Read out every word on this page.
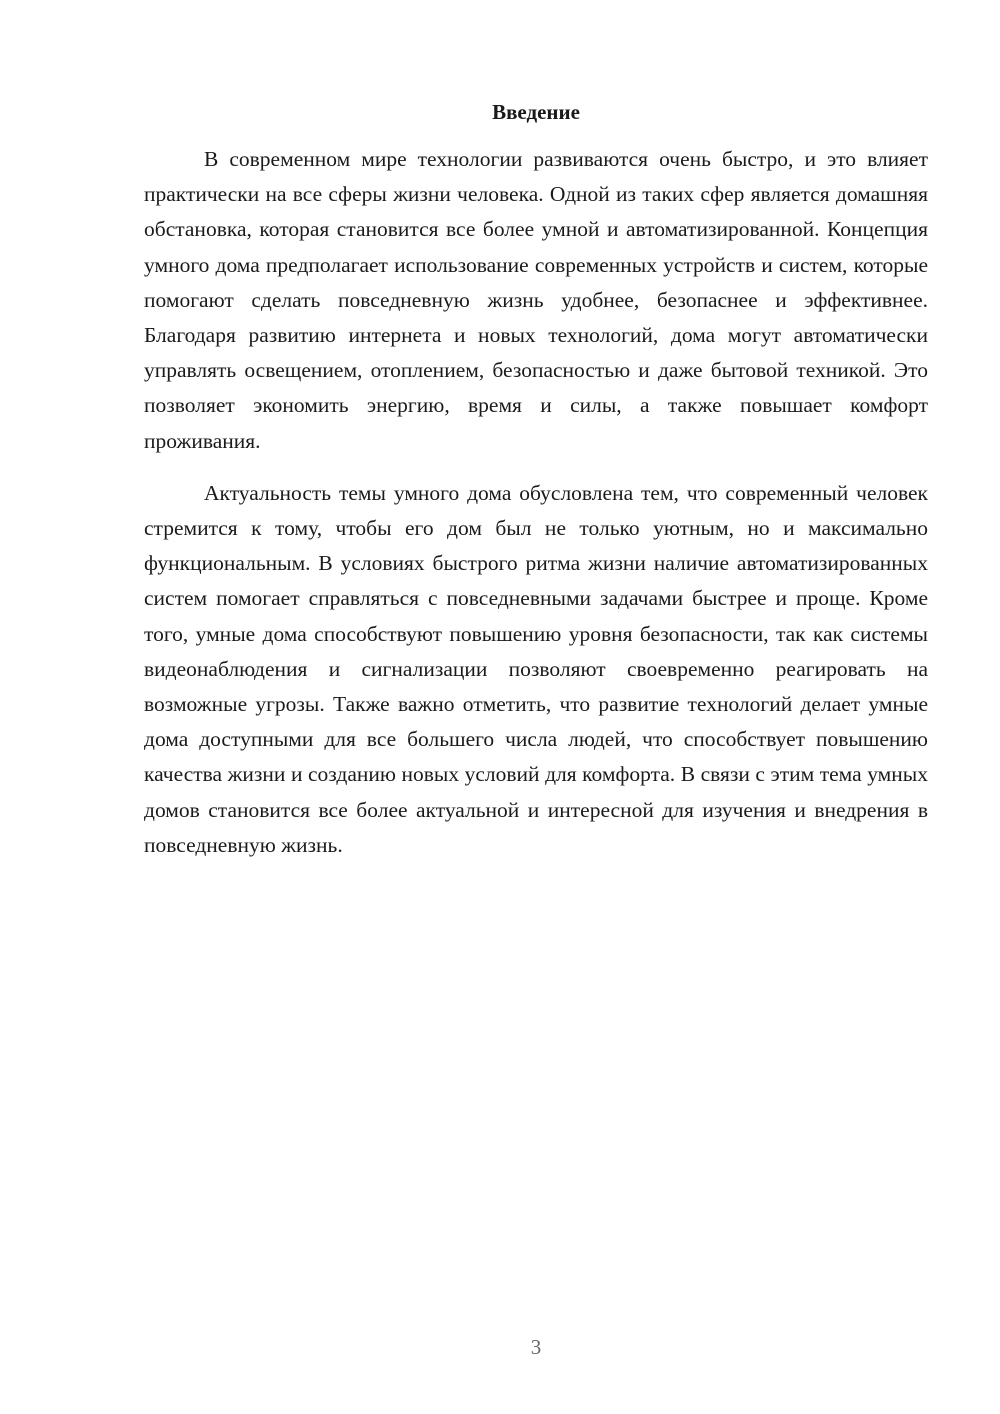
Введение

В современном мире технологии развиваются очень быстро, и это влияет практически на все сферы жизни человека. Одной из таких сфер является домашняя обстановка, которая становится все более умной и автоматизированной. Концепция умного дома предполагает использование современных устройств и систем, которые помогают сделать повседневную жизнь удобнее, безопаснее и эффективнее. Благодаря развитию интернета и новых технологий, дома могут автоматически управлять освещением, отоплением, безопасностью и даже бытовой техникой. Это позволяет экономить энергию, время и силы, а также повышает комфорт проживания.

Актуальность темы умного дома обусловлена тем, что современный человек стремится к тому, чтобы его дом был не только уютным, но и максимально функциональным. В условиях быстрого ритма жизни наличие автоматизированных систем помогает справляться с повседневными задачами быстрее и проще. Кроме того, умные дома способствуют повышению уровня безопасности, так как системы видеонаблюдения и сигнализации позволяют своевременно реагировать на возможные угрозы. Также важно отметить, что развитие технологий делает умные дома доступными для все большего числа людей, что способствует повышению качества жизни и созданию новых условий для комфорта. В связи с этим тема умных домов становится все более актуальной и интересной для изучения и внедрения в повседневную жизнь.

3
